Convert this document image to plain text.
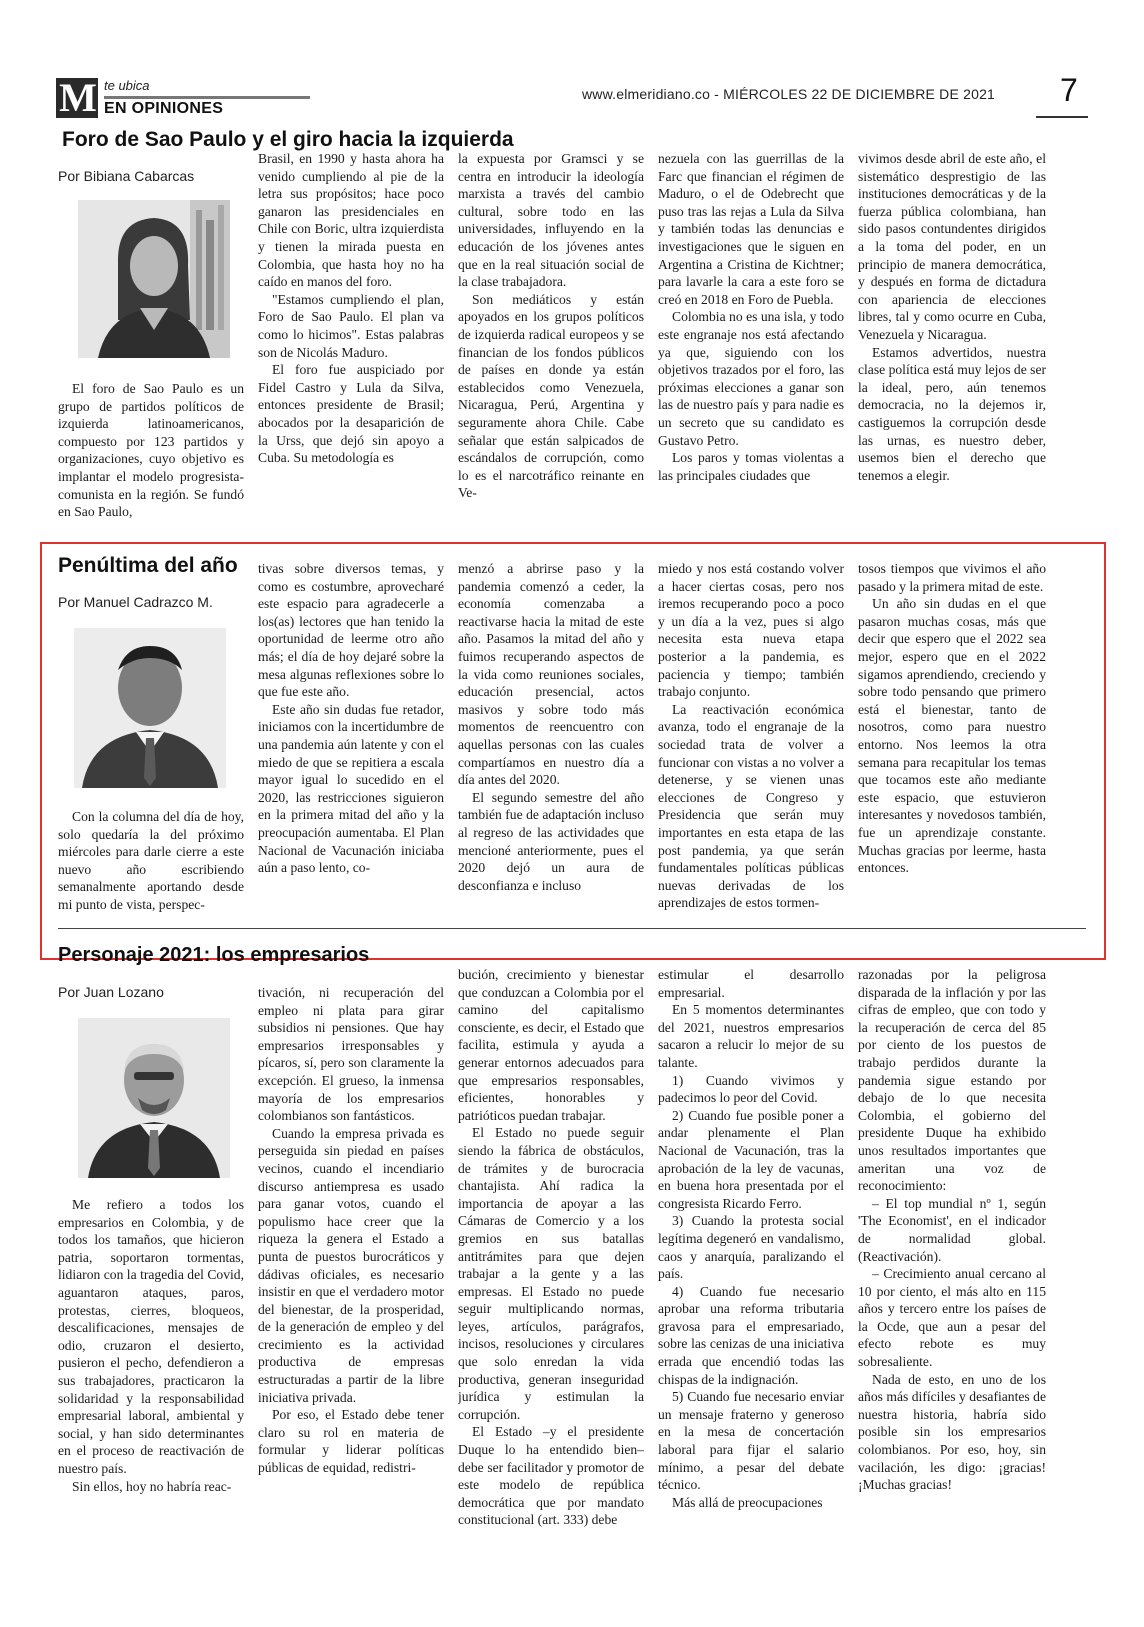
M te ubica
EN OPINIONES
www.elmeridiano.co - MIÉRCOLES 22 DE DICIEMBRE DE 2021 7
Foro de Sao Paulo y el giro hacia la izquierda
Por Bibiana Cabarcas

El foro de Sao Paulo es un grupo de partidos políticos de izquierda latinoamericanos, compuesto por 123 partidos y organizaciones, cuyo objetivo es implantar el modelo progresista-comunista en la región. Se fundó en Sao Paulo,

Brasil, en 1990 y hasta ahora ha venido cumpliendo al pie de la letra sus propósitos; hace poco ganaron las presidenciales en Chile con Boric, ultra izquierdista y tienen la mirada puesta en Colombia, que hasta hoy no ha caído en manos del foro.

"Estamos cumpliendo el plan, Foro de Sao Paulo. El plan va como lo hicimos". Estas palabras son de Nicolás Maduro.

El foro fue auspiciado por Fidel Castro y Lula da Silva, entonces presidente de Brasil; abocados por la desaparición de la Urss, que dejó sin apoyo a Cuba. Su metodología es

la expuesta por Gramsci y se centra en introducir la ideología marxista a través del cambio cultural, sobre todo en las universidades, influyendo en la educación de los jóvenes antes que en la real situación social de la clase trabajadora.

Son mediáticos y están apoyados en los grupos políticos de izquierda radical europeos y se financian de los fondos públicos de países en donde ya están establecidos como Venezuela, Nicaragua, Perú, Argentina y seguramente ahora Chile. Cabe señalar que están salpicados de escándalos de corrupción, como lo es el narcotráfico reinante en Ve-

nezuela con las guerrillas de la Farc que financian el régimen de Maduro, o el de Odebrecht que puso tras las rejas a Lula da Silva y también todas las denuncias e investigaciones que le siguen en Argentina a Cristina de Kichtner; para lavarle la cara a este foro se creó en 2018 en Foro de Puebla.

Colombia no es una isla, y todo este engranaje nos está afectando ya que, siguiendo con los objetivos trazados por el foro, las próximas elecciones a ganar son las de nuestro país y para nadie es un secreto que su candidato es Gustavo Petro.

Los paros y tomas violentas a las principales ciudades que

vivimos desde abril de este año, el sistemático desprestigio de las instituciones democráticas y de la fuerza pública colombiana, han sido pasos contundentes dirigidos a la toma del poder, en un principio de manera democrática, y después en forma de dictadura con apariencia de elecciones libres, tal y como ocurre en Cuba, Venezuela y Nicaragua.

Estamos advertidos, nuestra clase política está muy lejos de ser la ideal, pero, aún tenemos democracia, no la dejemos ir, castiguemos la corrupción desde las urnas, es nuestro deber, usemos bien el derecho que tenemos a elegir.

Penúltima del año
Por Manuel Cadrazco M.

Con la columna del día de hoy, solo quedaría la del próximo miércoles para darle cierre a este nuevo año escribiendo semanalmente aportando desde mi punto de vista, perspec-

tivas sobre diversos temas, y como es costumbre, aprovecharé este espacio para agradecerle a los(as) lectores que han tenido la oportunidad de leerme otro año más; el día de hoy dejaré sobre la mesa algunas reflexiones sobre lo que fue este año.

Este año sin dudas fue retador, iniciamos con la incertidumbre de una pandemia aún latente y con el miedo de que se repitiera a escala mayor igual lo sucedido en el 2020, las restricciones siguieron en la primera mitad del año y la preocupación aumentaba. El Plan Nacional de Vacunación iniciaba aún a paso lento, co-

menzó a abrirse paso y la pandemia comenzó a ceder, la economía comenzaba a reactivarse hacia la mitad de este año. Pasamos la mitad del año y fuimos recuperando aspectos de la vida como reuniones sociales, educación presencial, actos masivos y sobre todo más momentos de reencuentro con aquellas personas con las cuales compartíamos en nuestro día a día antes del 2020.

El segundo semestre del año también fue de adaptación incluso al regreso de las actividades que mencioné anteriormente, pues el 2020 dejó un aura de desconfianza e incluso

miedo y nos está costando volver a hacer ciertas cosas, pero nos iremos recuperando poco a poco y un día a la vez, pues si algo necesita esta nueva etapa posterior a la pandemia, es paciencia y tiempo; también trabajo conjunto.

La reactivación económica avanza, todo el engranaje de la sociedad trata de volver a funcionar con vistas a no volver a detenerse, y se vienen unas elecciones de Congreso y Presidencia que serán muy importantes en esta etapa de las post pandemia, ya que serán fundamentales políticas públicas nuevas derivadas de los aprendizajes de estos tormen-

tosos tiempos que vivimos el año pasado y la primera mitad de este.

Un año sin dudas en el que pasaron muchas cosas, más que decir que espero que el 2022 sea mejor, espero que en el 2022 sigamos aprendiendo, creciendo y sobre todo pensando que primero está el bienestar, tanto de nosotros, como para nuestro entorno. Nos leemos la otra semana para recapitular los temas que tocamos este año mediante este espacio, que estuvieron interesantes y novedosos también, fue un aprendizaje constante. Muchas gracias por leerme, hasta entonces.

Personaje 2021: los empresarios
Por Juan Lozano

Me refiero a todos los empresarios en Colombia, y de todos los tamaños, que hicieron patria, soportaron tormentas, lidiaron con la tragedia del Covid, aguantaron ataques, paros, protestas, cierres, bloqueos, descalificaciones, mensajes de odio, cruzaron el desierto, pusieron el pecho, defendieron a sus trabajadores, practicaron la solidaridad y la responsabilidad empresarial laboral, ambiental y social, y han sido determinantes en el proceso de reactivación de nuestro país.

Sin ellos, hoy no habría reac-

tivación, ni recuperación del empleo ni plata para girar subsidios ni pensiones. Que hay empresarios irresponsables y pícaros, sí, pero son claramente la excepción. El grueso, la inmensa mayoría de los empresarios colombianos son fantásticos.

Cuando la empresa privada es perseguida sin piedad en países vecinos, cuando el incendiario discurso antiempresa es usado para ganar votos, cuando el populismo hace creer que la riqueza la genera el Estado a punta de puestos burocráticos y dádivas oficiales, es necesario insistir en que el verdadero motor del bienestar, de la prosperidad, de la generación de empleo y del crecimiento es la actividad productiva de empresas estructuradas a partir de la libre iniciativa privada.

Por eso, el Estado debe tener claro su rol en materia de formular y liderar políticas públicas de equidad, redistri-

bución, crecimiento y bienestar que conduzcan a Colombia por el camino del capitalismo consciente, es decir, el Estado que facilita, estimula y ayuda a generar entornos adecuados para que empresarios responsables, eficientes, honorables y patrióticos puedan trabajar.

El Estado no puede seguir siendo la fábrica de obstáculos, de trámites y de burocracia chantajista. Ahí radica la importancia de apoyar a las Cámaras de Comercio y a los gremios en sus batallas antitrámites para que dejen trabajar a la gente y a las empresas. El Estado no puede seguir multiplicando normas, leyes, artículos, parágrafos, incisos, resoluciones y circulares que solo enredan la vida productiva, generan inseguridad jurídica y estimulan la corrupción.

El Estado –y el presidente Duque lo ha entendido bien– debe ser facilitador y promotor de este modelo de república democrática que por mandato constitucional (art. 333) debe

estimular el desarrollo empresarial.

En 5 momentos determinantes del 2021, nuestros empresarios sacaron a relucir lo mejor de su talante.

1) Cuando vivimos y padecimos lo peor del Covid.

2) Cuando fue posible poner a andar plenamente el Plan Nacional de Vacunación, tras la aprobación de la ley de vacunas, en buena hora presentada por el congresista Ricardo Ferro.

3) Cuando la protesta social legítima degeneró en vandalismo, caos y anarquía, paralizando el país.

4) Cuando fue necesario aprobar una reforma tributaria gravosa para el empresariado, sobre las cenizas de una iniciativa errada que encendió todas las chispas de la indignación.

5) Cuando fue necesario enviar un mensaje fraterno y generoso en la mesa de concertación laboral para fijar el salario mínimo, a pesar del debate técnico.

Más allá de preocupaciones

razonadas por la peligrosa disparada de la inflación y por las cifras de empleo, que con todo y la recuperación de cerca del 85 por ciento de los puestos de trabajo perdidos durante la pandemia sigue estando por debajo de lo que necesita Colombia, el gobierno del presidente Duque ha exhibido unos resultados importantes que ameritan una voz de reconocimiento:

– El top mundial nº 1, según 'The Economist', en el indicador de normalidad global. (Reactivación).

– Crecimiento anual cercano al 10 por ciento, el más alto en 115 años y tercero entre los países de la Ocde, que aun a pesar del efecto rebote es muy sobresaliente.

Nada de esto, en uno de los años más difíciles y desafiantes de nuestra historia, habría sido posible sin los empresarios colombianos. Por eso, hoy, sin vacilación, les digo: ¡gracias! ¡Muchas gracias!
